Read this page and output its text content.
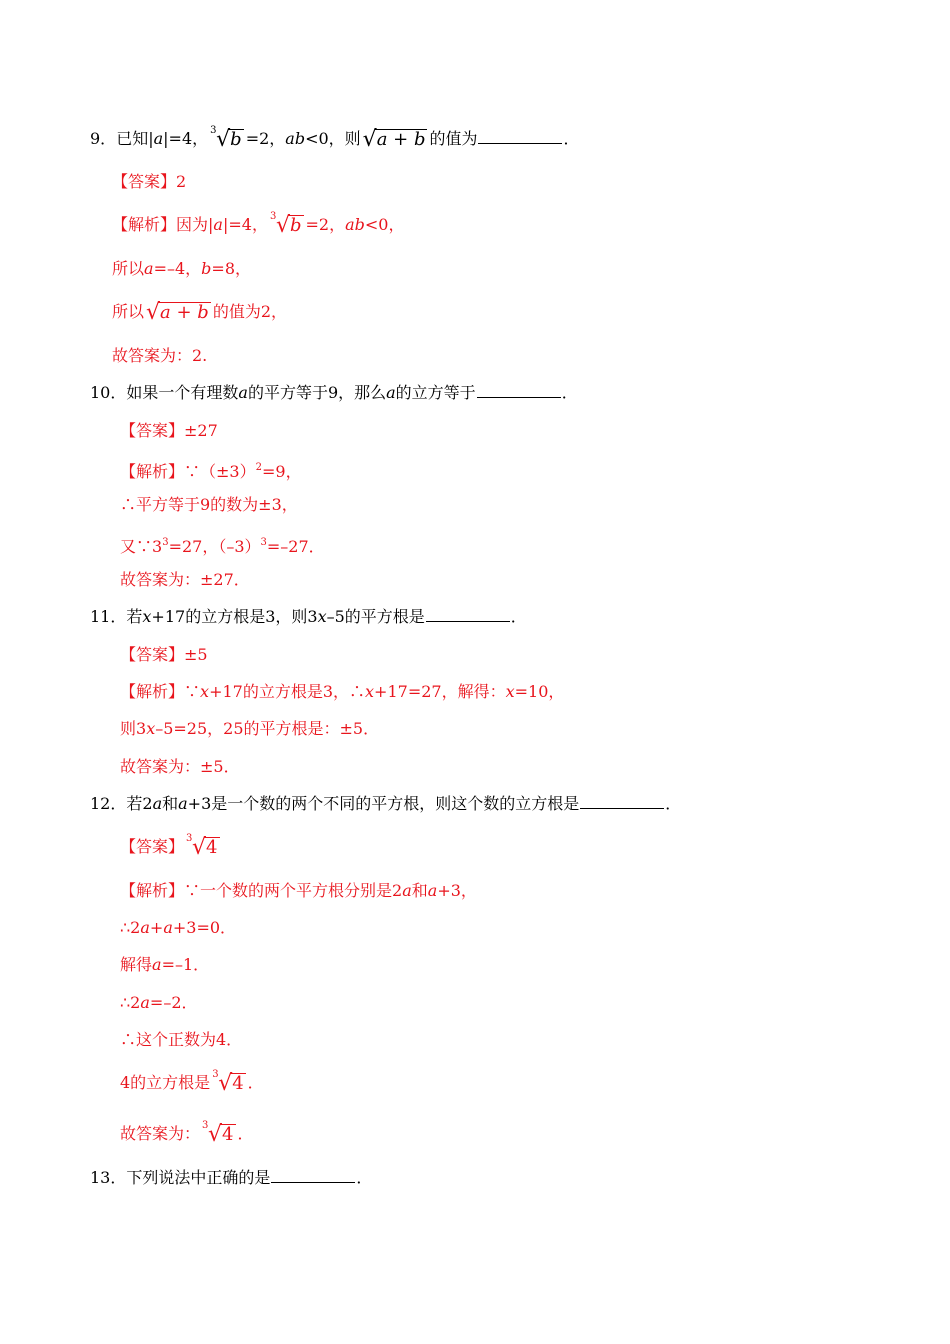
9．已知|a|=4， 3 √b =2，ab<0，则√a + b 的值为	．
【答案】2
【解析】因为|a|=4， 3 √b =2，ab<0，
所以a=–4，b=8，
所以√a + b 的值为2，
故答案为：2.
10．如果一个有理数a的平方等于9，那么a的立方等于	．
【答案】±27
【解析】$\because(\pm 3)^2=9$，
∴平方等于9的数为±3，
又$\because 3^3=27$，$(-3)^3=-27$．
故答案为：±27．
11．若x+17的立方根是3，则3x–5的平方根是	．
【答案】±5
【解析】∵x+17的立方根是3，∴x+17=27，解得：x=10，
则3x–5=25，25的平方根是：±5．
故答案为：±5．
12．若2a和a+3是一个数的两个不同的平方根，则这个数的立方根是	．
【答案】 3 √4
【解析】∵一个数的两个平方根分别是2a和a+3，
∴2a+a+3=0．
解得a=–1．
∴2a=–2．
∴这个正数为4．
4的立方根是 3 √4 ．
故答案为： 3 √4 ．
13．下列说法中正确的是	．
